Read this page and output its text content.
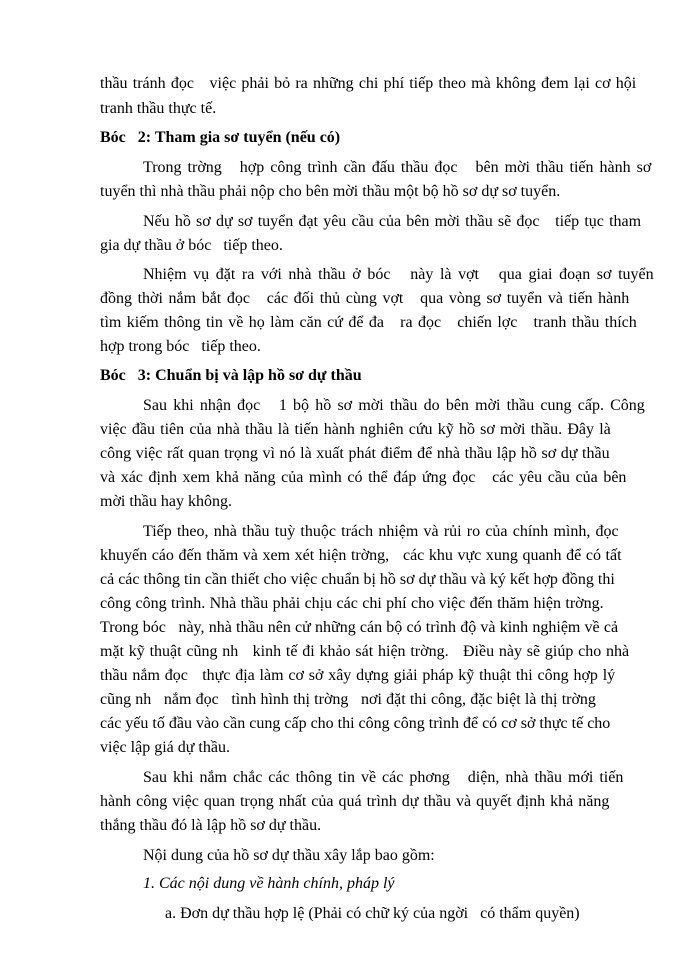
thầu tránh đọc   việc phải bỏ ra những chi phí tiếp theo mà không đem lại cơ hội
tranh thầu thực tế.
Bóc   2: Tham gia sơ tuyển (nếu có)
Trong trờng   hợp công trình cần đấu thầu đọc   bên mời thầu tiến hành sơ
tuyển thì nhà thầu phải nộp cho bên mời thầu một bộ hồ sơ dự sơ tuyển.
Nếu hồ sơ dự sơ tuyển đạt yêu cầu của bên mời thầu sẽ đọc   tiếp tục tham
gia dự thầu ở bóc   tiếp theo.
Nhiệm vụ đặt ra với nhà thầu ở bóc   này là vợt   qua giai đoạn sơ tuyển
đồng thời nắm bắt đọc   các đối thủ cùng vợt   qua vòng sơ tuyển và tiến hành
tìm kiếm thông tin về họ làm căn cứ để đa   ra đọc   chiến lợc   tranh thầu thích
hợp trong bóc   tiếp theo.
Bóc   3: Chuẩn bị và lập hồ sơ dự thầu
Sau khi nhận đọc   1 bộ hồ sơ mời thầu do bên mời thầu cung cấp. Công
việc đầu tiên của nhà thầu là tiến hành nghiên cứu kỹ hồ sơ mời thầu. Đây là
công việc rất quan trọng vì nó là xuất phát điểm để nhà thầu lập hồ sơ dự thầu
và xác định xem khả năng của mình có thể đáp ứng đọc   các yêu cầu của bên
mời thầu hay không.
Tiếp theo, nhà thầu tuỳ thuộc trách nhiệm và rủi ro của chính mình, đọc
khuyến cáo đến thăm và xem xét hiện trờng,   các khu vực xung quanh để có tất
cả các thông tin cần thiết cho việc chuẩn bị hồ sơ dự thầu và ký kết hợp đồng thi
công công trình. Nhà thầu phải chịu các chi phí cho việc đến thăm hiện trờng.
Trong bóc   này, nhà thầu nên cử những cán bộ có trình độ và kinh nghiệm về cả
mặt kỹ thuật cũng nh   kinh tế đi khảo sát hiện trờng.   Điều này sẽ giúp cho nhà
thầu nắm đọc   thực địa làm cơ sở xây dựng giải pháp kỹ thuật thi công hợp lý
cũng nh   nắm đọc   tình hình thị trờng   nơi đặt thi công, đặc biệt là thị trờng
các yếu tố đầu vào cần cung cấp cho thi công công trình để có cơ sở thực tế cho
việc lập giá dự thầu.
Sau khi nắm chắc các thông tin về các phơng   diện, nhà thầu mới tiến
hành công việc quan trọng nhất của quá trình dự thầu và quyết định khả năng
thắng thầu đó là lập hồ sơ dự thầu.
Nội dung của hồ sơ dự thầu xây lắp bao gồm:
1. Các nội dung về hành chính, pháp lý
a. Đơn dự thầu hợp lệ (Phải có chữ ký của ngời   có thẩm quyền)
